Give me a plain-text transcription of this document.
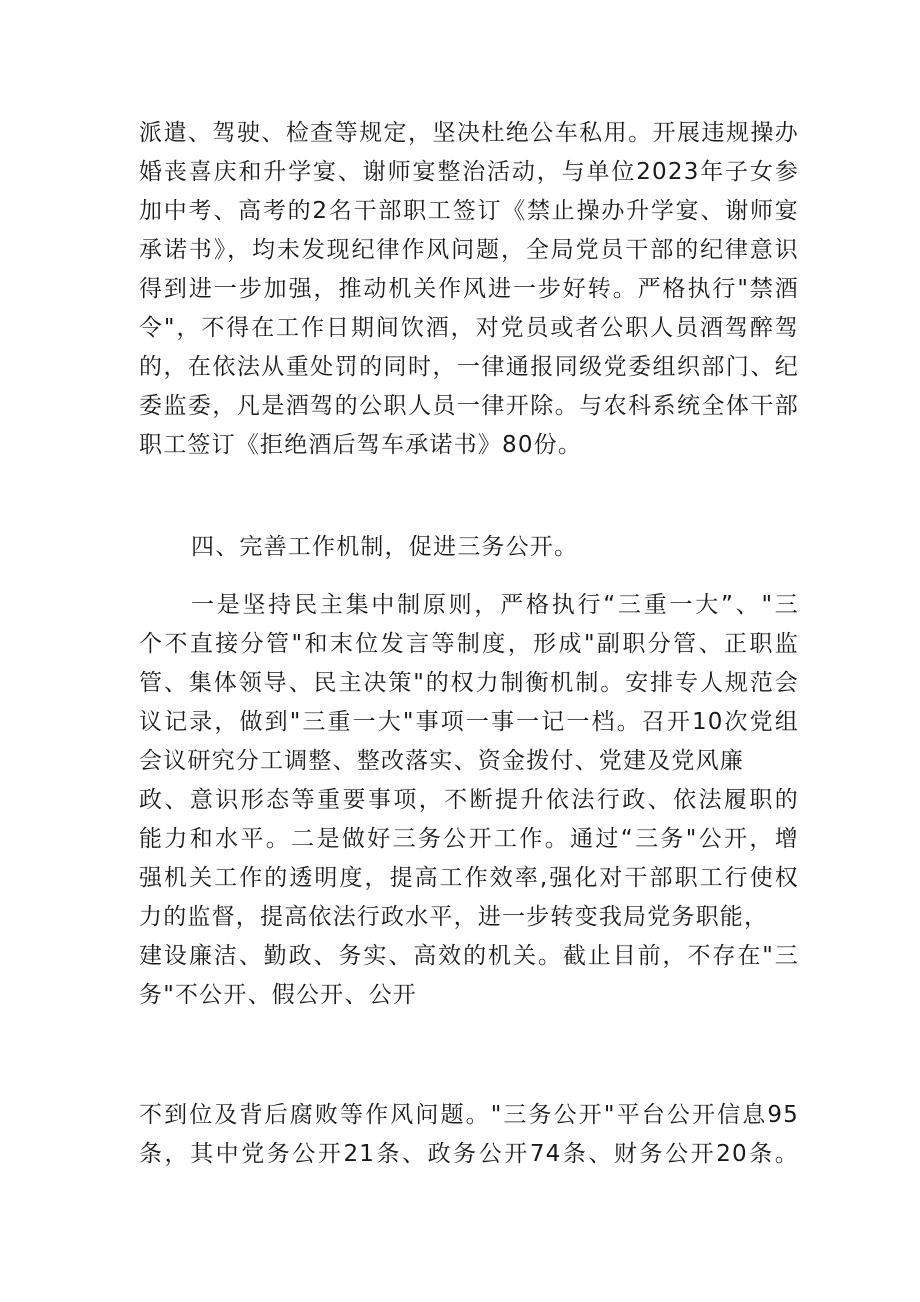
派遣、驾驶、检查等规定，坚决杜绝公车私用。开展违规操办
婚丧喜庆和升学宴、谢师宴整治活动，与单位2023年子女参
加中考、高考的2名干部职工签订《禁止操办升学宴、谢师宴
承诺书》，均未发现纪律作风问题，全局党员干部的纪律意识
得到进一步加强，推动机关作风进一步好转。严格执行"禁酒
令"，不得在工作日期间饮酒，对党员或者公职人员酒驾醉驾
的，在依法从重处罚的同时，一律通报同级党委组织部门、纪
委监委，凡是酒驾的公职人员一律开除。与农科系统全体干部
职工签订《拒绝酒后驾车承诺书》80份。
四、完善工作机制，促进三务公开。
一是坚持民主集中制原则，严格执行“三重一大”、"三
个不直接分管"和末位发言等制度，形成"副职分管、正职监
管、集体领导、民主决策"的权力制衡机制。安排专人规范会
议记录，做到"三重一大"事项一事一记一档。召开10次党组
会议研究分工调整、整改落实、资金拨付、党建及党风廉
政、意识形态等重要事项，不断提升依法行政、依法履职的
能力和水平。二是做好三务公开工作。通过“三务"公开，增
强机关工作的透明度，提高工作效率,强化对干部职工行使权
力的监督，提高依法行政水平，进一步转变我局党务职能，
建设廉洁、勤政、务实、高效的机关。截止目前，不存在"三
务"不公开、假公开、公开
不到位及背后腐败等作风问题。"三务公开"平台公开信息95
条，其中党务公开21条、政务公开74条、财务公开20条。
